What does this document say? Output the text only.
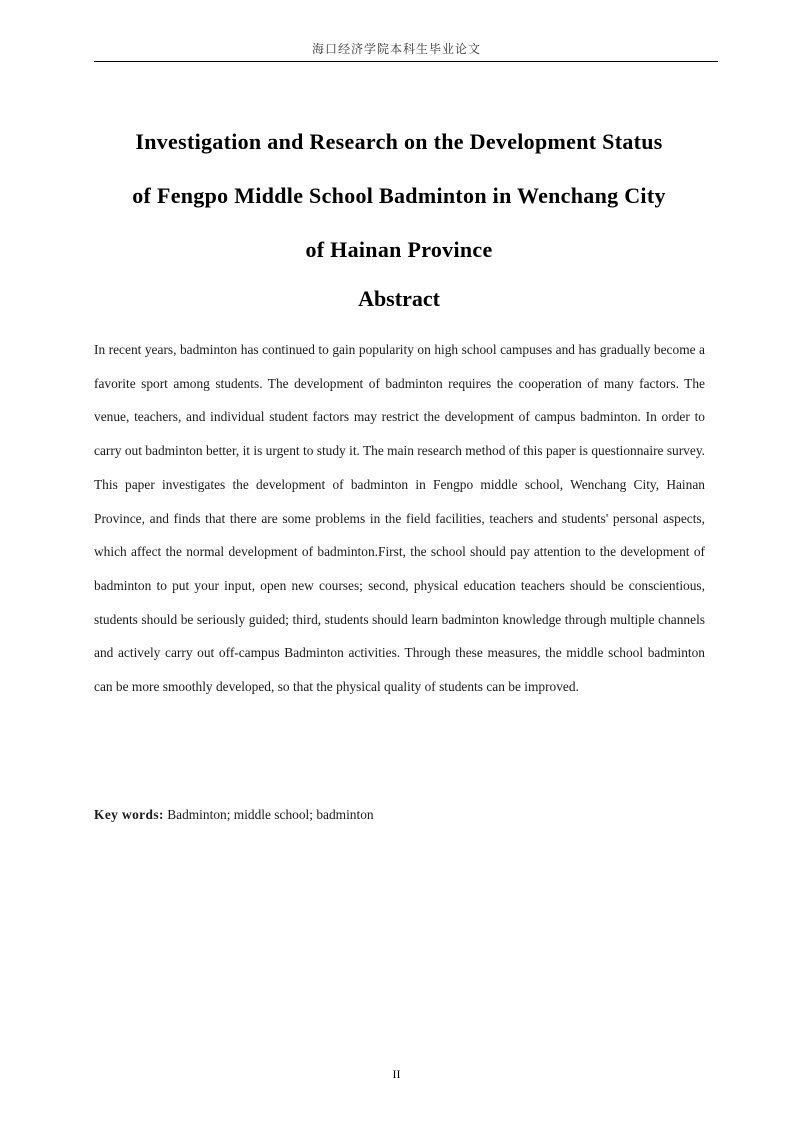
海口经济学院本科生毕业论文
Investigation and Research on the Development Status
of Fengpo Middle School Badminton in Wenchang City
of Hainan Province
Abstract

In recent years, badminton has continued to gain popularity on high school campuses and has gradually become a favorite sport among students. The development of badminton requires the cooperation of many factors. The venue, teachers, and individual student factors may restrict the development of campus badminton. In order to carry out badminton better, it is urgent to study it. The main research method of this paper is questionnaire survey. This paper investigates the development of badminton in Fengpo middle school, Wenchang City, Hainan Province, and finds that there are some problems in the field facilities, teachers and students' personal aspects, which affect the normal development of badminton.First, the school should pay attention to the development of badminton to put your input, open new courses; second, physical education teachers should be conscientious, students should be seriously guided; third, students should learn badminton knowledge through multiple channels and actively carry out off-campus Badminton activities. Through these measures, the middle school badminton can be more smoothly developed, so that the physical quality of students can be improved.

Key words: Badminton; middle school; badminton
II
